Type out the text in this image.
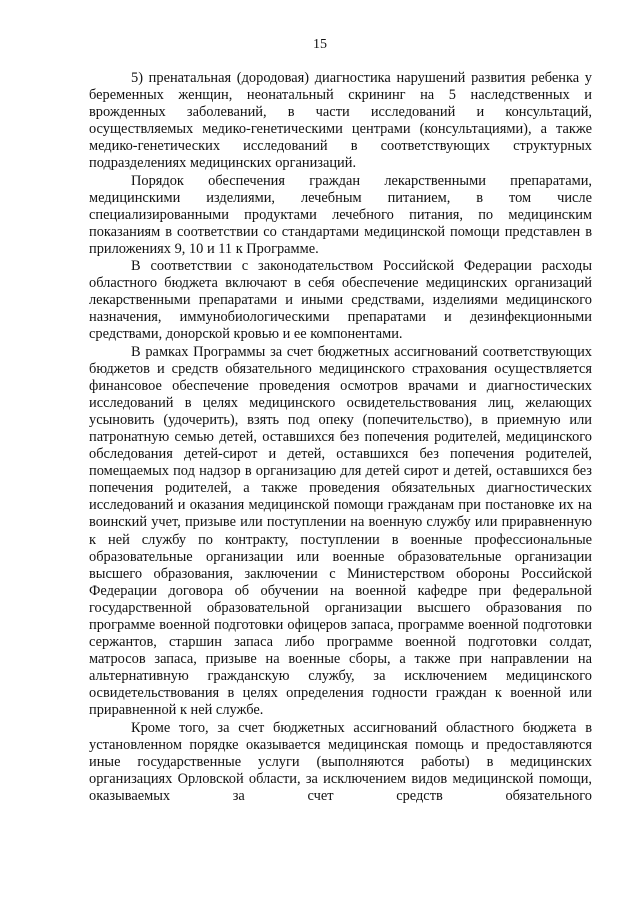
15

5) пренатальная (дородовая) диагностика нарушений развития ребенка у беременных женщин, неонатальный скрининг на 5 наследственных и врожденных заболеваний, в части исследований и консультаций, осуществляемых медико-генетическими центрами (консультациями), а также медико-генетических исследований в соответствующих структурных подразделениях медицинских организаций.

Порядок обеспечения граждан лекарственными препаратами, медицинскими изделиями, лечебным питанием, в том числе специализированными продуктами лечебного питания, по медицинским показаниям в соответствии со стандартами медицинской помощи представлен в приложениях 9, 10 и 11 к Программе.

В соответствии с законодательством Российской Федерации расходы областного бюджета включают в себя обеспечение медицинских организаций лекарственными препаратами и иными средствами, изделиями медицинского назначения, иммунобиологическими препаратами и дезинфекционными средствами, донорской кровью и ее компонентами.

В рамках Программы за счет бюджетных ассигнований соответствующих бюджетов и средств обязательного медицинского страхования осуществляется финансовое обеспечение проведения осмотров врачами и диагностических исследований в целях медицинского освидетельствования лиц, желающих усыновить (удочерить), взять под опеку (попечительство), в приемную или патронатную семью детей, оставшихся без попечения родителей, медицинского обследования детей-сирот и детей, оставшихся без попечения родителей, помещаемых под надзор в организацию для детей сирот и детей, оставшихся без попечения родителей, а также проведения обязательных диагностических исследований и оказания медицинской помощи гражданам при постановке их на воинский учет, призыве или поступлении на военную службу или приравненную к ней службу по контракту, поступлении в военные профессиональные образовательные организации или военные образовательные организации высшего образования, заключении с Министерством обороны Российской Федерации договора об обучении на военной кафедре при федеральной государственной образовательной организации высшего образования по программе военной подготовки офицеров запаса, программе военной подготовки сержантов, старшин запаса либо программе военной подготовки солдат, матросов запаса, призыве на военные сборы, а также при направлении на альтернативную гражданскую службу, за исключением медицинского освидетельствования в целях определения годности граждан к военной или приравненной к ней службе.

Кроме того, за счет бюджетных ассигнований областного бюджета в установленном порядке оказывается медицинская помощь и предоставляются иные государственные услуги (выполняются работы) в медицинских организациях Орловской области, за исключением видов медицинской помощи, оказываемых за счет средств обязательного
